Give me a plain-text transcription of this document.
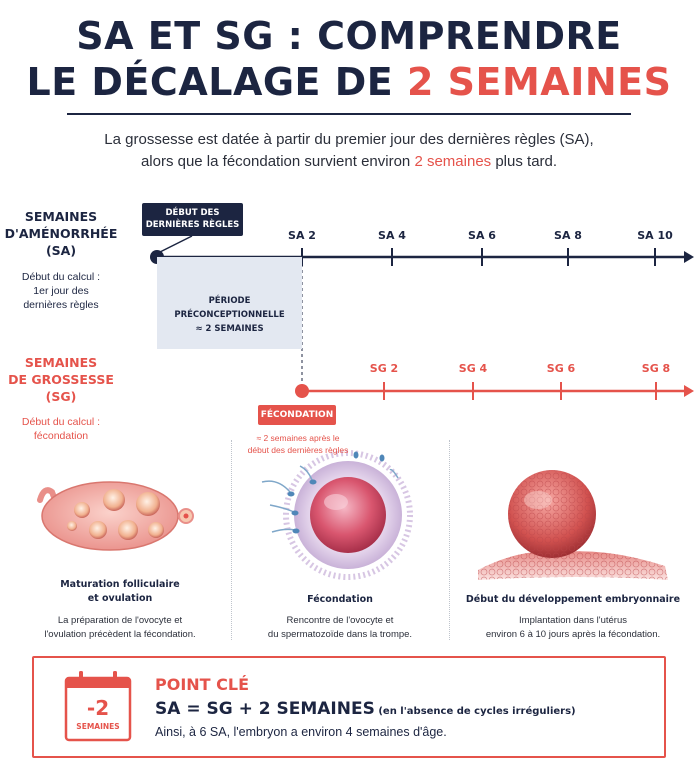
SA ET SG : COMPRENDRE
LE DÉCALAGE DE 2 SEMAINES
La grossesse est datée à partir du premier jour des dernières règles (SA),
alors que la fécondation survient environ 2 semaines plus tard.
SEMAINES
D'AMÉNORRHÉE
(SA)
Début du calcul :
1er jour des
dernières règles
DÉBUT DES
DERNIÈRES RÈGLES
SA 2	SA 4	SA 6	SA 8	SA 10
PÉRIODE PRÉCONCEPTIONNELLE
≈ 2 SEMAINES
SEMAINES
DE GROSSESSE
(SG)
Début du calcul :
fécondation
SG 2	SG 4	SG 6	SG 8
FÉCONDATION
≈ 2 semaines après le
début des dernières règles
Maturation folliculaire
et ovulation
La préparation de l'ovocyte et
l'ovulation précèdent la fécondation.
Fécondation
Rencontre de l'ovocyte et
du spermatozoïde dans la trompe.
Début du développement embryonnaire
Implantation dans l'utérus
environ 6 à 10 jours après la fécondation.
-2
SEMAINES
POINT CLÉ
SA = SG + 2 SEMAINES (en l'absence de cycles irréguliers)
Ainsi, à 6 SA, l'embryon a environ 4 semaines d'âge.
